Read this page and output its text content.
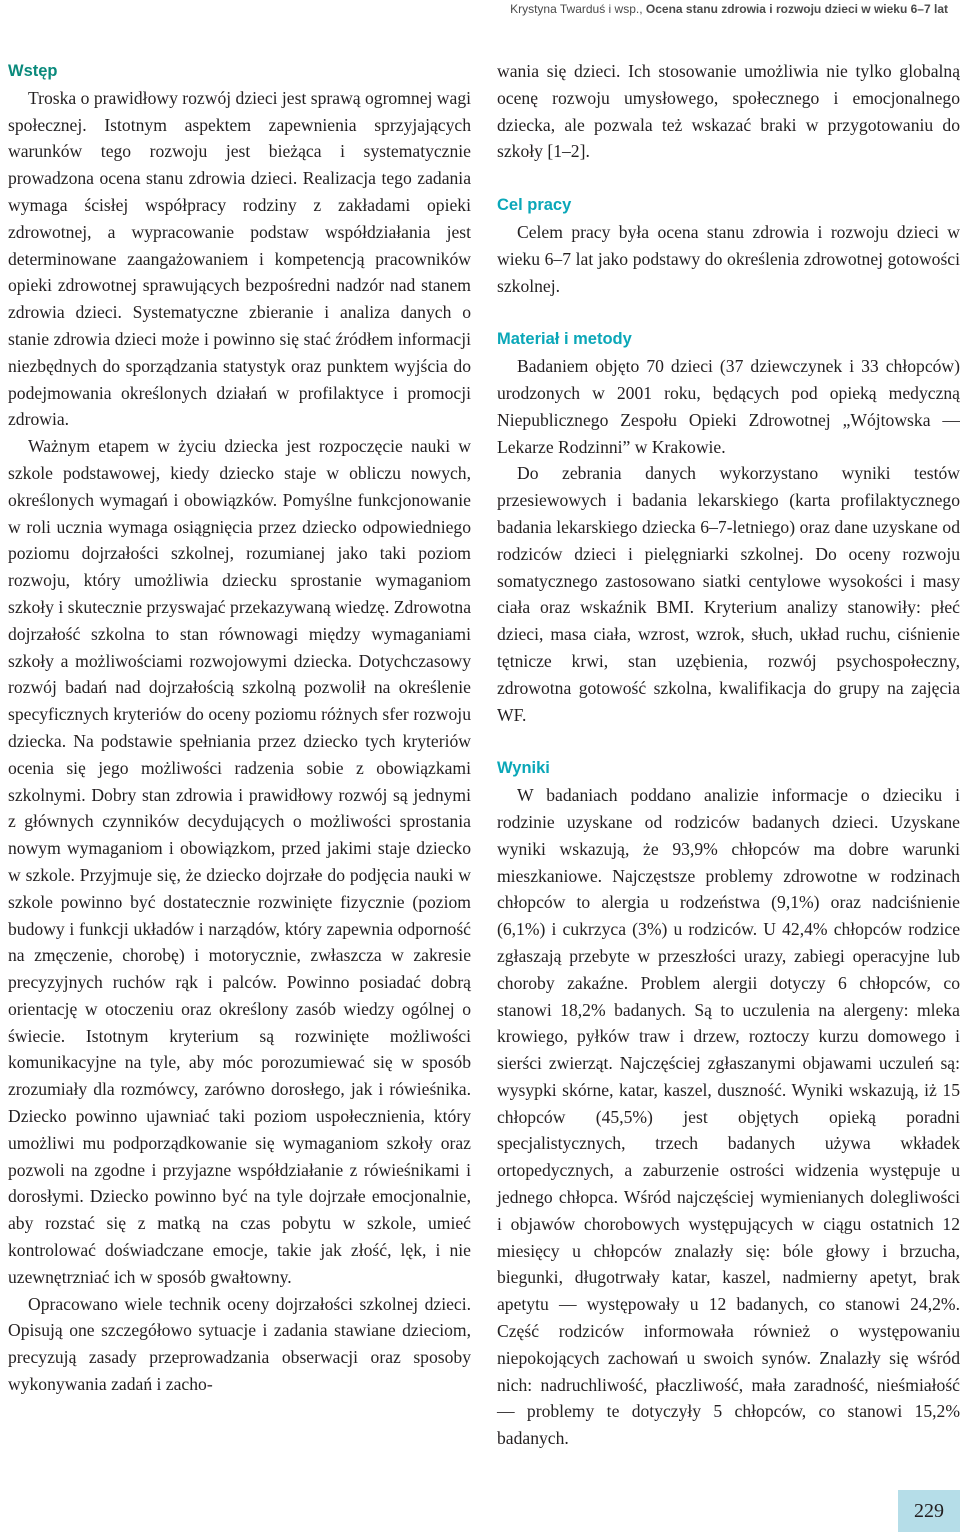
Krystyna Twarduś i wsp., Ocena stanu zdrowia i rozwoju dzieci w wieku 6–7 lat
Wstęp

Troska o prawidłowy rozwój dzieci jest sprawą ogromnej wagi społecznej. Istotnym aspektem zapewnienia sprzyjających warunków tego rozwoju jest bieżąca i systematycznie prowadzona ocena stanu zdrowia dzieci. Realizacja tego zadania wymaga ścisłej współpracy rodziny z zakładami opieki zdrowotnej, a wypracowanie podstaw współdziałania jest determinowane zaangażowaniem i kompetencją pracowników opieki zdrowotnej sprawujących bezpośredni nadzór nad stanem zdrowia dzieci. Systematyczne zbieranie i analiza danych o stanie zdrowia dzieci może i powinno się stać źródłem informacji niezbędnych do sporządzania statystyk oraz punktem wyjścia do podejmowania określonych działań w profilaktyce i promocji zdrowia.

Ważnym etapem w życiu dziecka jest rozpoczęcie nauki w szkole podstawowej, kiedy dziecko staje w obliczu nowych, określonych wymagań i obowiązków. Pomyślne funkcjonowanie w roli ucznia wymaga osiągnięcia przez dziecko odpowiedniego poziomu dojrzałości szkolnej, rozumianej jako taki poziom rozwoju, który umożliwia dziecku sprostanie wymaganiom szkoły i skutecznie przyswajać przekazywaną wiedzę. Zdrowotna dojrzałość szkolna to stan równowagi między wymaganiami szkoły a możliwościami rozwojowymi dziecka. Dotychczasowy rozwój badań nad dojrzałością szkolną pozwolił na określenie specyficznych kryteriów do oceny poziomu różnych sfer rozwoju dziecka. Na podstawie spełniania przez dziecko tych kryteriów ocenia się jego możliwości radzenia sobie z obowiązkami szkolnymi. Dobry stan zdrowia i prawidłowy rozwój są jednymi z głównych czynników decydujących o możliwości sprostania nowym wymaganiom i obowiązkom, przed jakimi staje dziecko w szkole. Przyjmuje się, że dziecko dojrzałe do podjęcia nauki w szkole powinno być dostatecznie rozwinięte fizycznie (poziom budowy i funkcji układów i narządów, który zapewnia odporność na zmęczenie, chorobę) i motorycznie, zwłaszcza w zakresie precyzyjnych ruchów rąk i palców. Powinno posiadać dobrą orientację w otoczeniu oraz określony zasób wiedzy ogólnej o świecie. Istotnym kryterium są rozwinięte możliwości komunikacyjne na tyle, aby móc porozumiewać się w sposób zrozumiały dla rozmówcy, zarówno dorosłego, jak i rówieśnika. Dziecko powinno ujawniać taki poziom uspołecznienia, który umożliwi mu podporządkowanie się wymaganiom szkoły oraz pozwoli na zgodne i przyjazne współdziałanie z rówieśnikami i dorosłymi. Dziecko powinno być na tyle dojrzałe emocjonalnie, aby rozstać się z matką na czas pobytu w szkole, umieć kontrolować doświadczane emocje, takie jak złość, lęk, i nie uzewnętrzniać ich w sposób gwałtowny.

Opracowano wiele technik oceny dojrzałości szkolnej dzieci. Opisują one szczegółowo sytuacje i zadania stawiane dzieciom, precyzują zasady przeprowadzania obserwacji oraz sposoby wykonywania zadań i zacho-

wania się dzieci. Ich stosowanie umożliwia nie tylko globalną ocenę rozwoju umysłowego, społecznego i emocjonalnego dziecka, ale pozwala też wskazać braki w przygotowaniu do szkoły [1–2].

Cel pracy

Celem pracy była ocena stanu zdrowia i rozwoju dzieci w wieku 6–7 lat jako podstawy do określenia zdrowotnej gotowości szkolnej.

Materiał i metody

Badaniem objęto 70 dzieci (37 dziewczynek i 33 chłopców) urodzonych w 2001 roku, będących pod opieką medyczną Niepublicznego Zespołu Opieki Zdrowotnej „Wójtowska — Lekarze Rodzinni” w Krakowie.

Do zebrania danych wykorzystano wyniki testów przesiewowych i badania lekarskiego (karta profilaktycznego badania lekarskiego dziecka 6–7-letniego) oraz dane uzyskane od rodziców dzieci i pielęgniarki szkolnej. Do oceny rozwoju somatycznego zastosowano siatki centylowe wysokości i masy ciała oraz wskaźnik BMI. Kryterium analizy stanowiły: płeć dzieci, masa ciała, wzrost, wzrok, słuch, układ ruchu, ciśnienie tętnicze krwi, stan uzębienia, rozwój psychospołeczny, zdrowotna gotowość szkolna, kwalifikacja do grupy na zajęcia WF.

Wyniki

W badaniach poddano analizie informacje o dzieciku i rodzinie uzyskane od rodziców badanych dzieci. Uzyskane wyniki wskazują, że 93,9% chłopców ma dobre warunki mieszkaniowe. Najczęstsze problemy zdrowotne w rodzinach chłopców to alergia u rodzeństwa (9,1%) oraz nadciśnienie (6,1%) i cukrzyca (3%) u rodziców. U 42,4% chłopców rodzice zgłaszają przebyte w przeszłości urazy, zabiegi operacyjne lub choroby zakaźne. Problem alergii dotyczy 6 chłopców, co stanowi 18,2% badanych. Są to uczulenia na alergeny: mleka krowiego, pyłków traw i drzew, roztoczy kurzu domowego i sierści zwierząt. Najczęściej zgłaszanymi objawami uczuleń są: wysypki skórne, katar, kaszel, duszność. Wyniki wskazują, iż 15 chłopców (45,5%) jest objętych opieką poradni specjalistycznych, trzech badanych używa wkładek ortopedycznych, a zaburzenie ostrości widzenia występuje u jednego chłopca. Wśród najczęściej wymienianych dolegliwości i objawów chorobowych występujących w ciągu ostatnich 12 miesięcy u chłopców znalazły się: bóle głowy i brzucha, biegunki, długotrwały katar, kaszel, nadmierny apetyt, brak apetytu — występowały u 12 badanych, co stanowi 24,2%. Część rodziców informowała również o występowaniu niepokojących zachowań u swoich synów. Znalazły się wśród nich: nadruchliwość, płaczliwość, mała zaradność, nieśmiałość — problemy te dotyczyły 5 chłopców, co stanowi 15,2% badanych.

229
